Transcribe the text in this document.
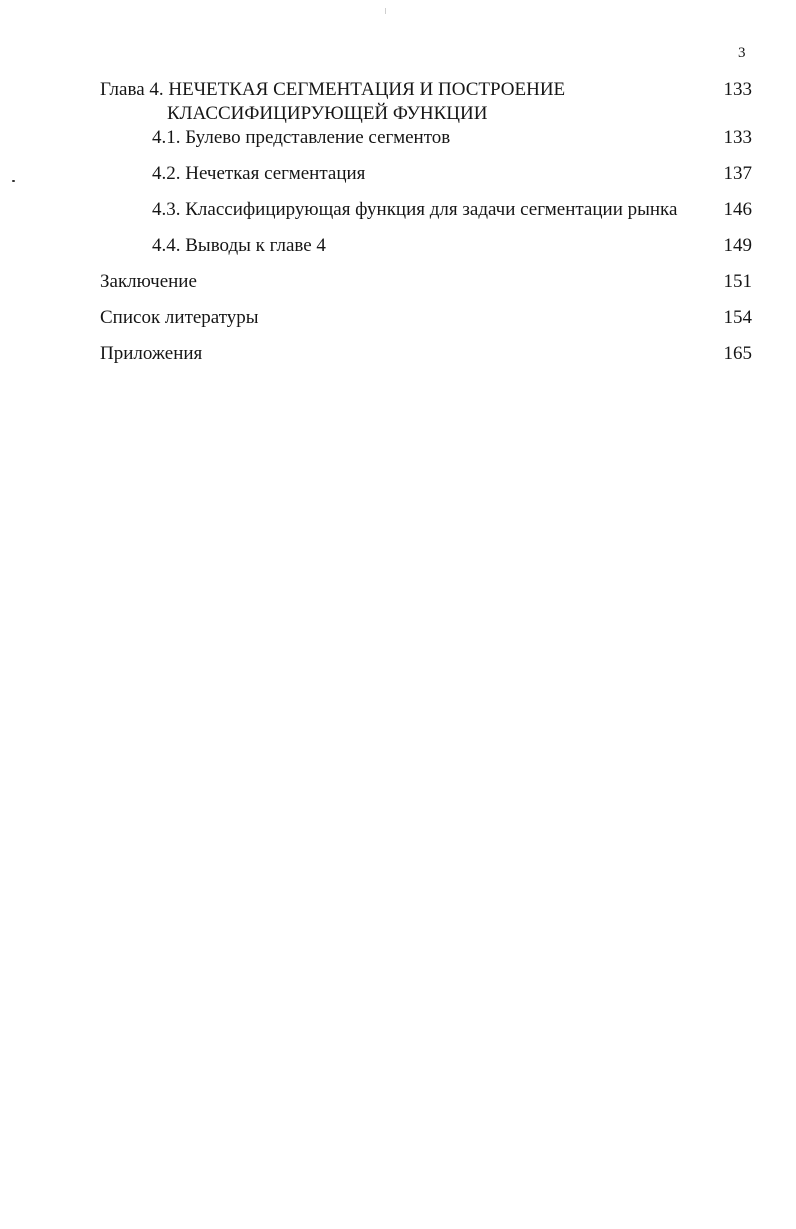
3
Глава 4. НЕЧЕТКАЯ СЕГМЕНТАЦИЯ И ПОСТРОЕНИЕ
КЛАССИФИЦИРУЮЩЕЙ ФУНКЦИИ
133
4.1. Булево представление сегментов	133
4.2. Нечеткая сегментация	137
4.3. Классифицирующая функция для задачи сегментации рынка	146
4.4. Выводы к главе 4	149
Заключение	151
Список литературы	154
Приложения	165
